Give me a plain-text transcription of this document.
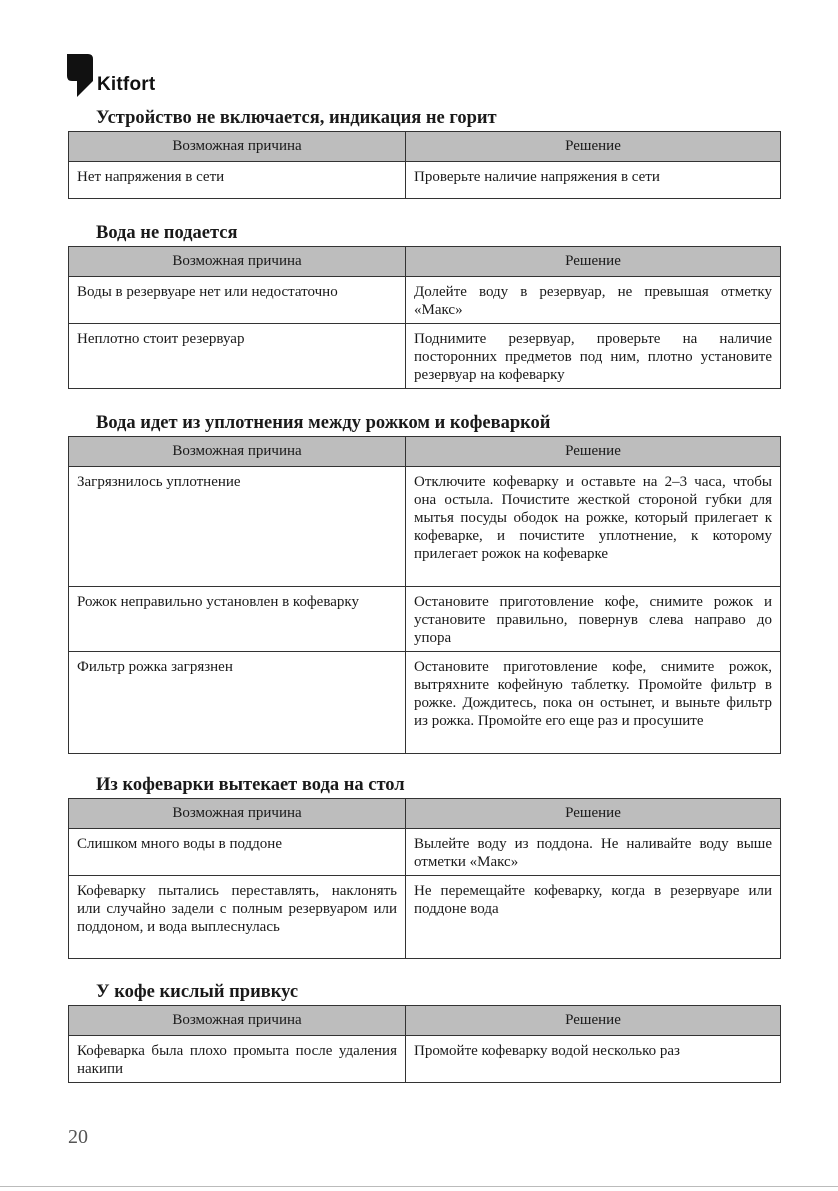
Kitfort
Устройство не включается, индикация не горит
Возможная причина	Решение
Нет напряжения в сети	Проверьте наличие напряжения в сети
Вода не подается
Возможная причина	Решение
Воды в резервуаре нет или недостаточно	Долейте воду в резервуар, не превышая отметку «Макс»
Неплотно стоит резервуар	Поднимите резервуар, проверьте на наличие посторонних предметов под ним, плотно установите резервуар на кофеварку
Вода идет из уплотнения между рожком и кофеваркой
Возможная причина	Решение
Загрязнилось уплотнение	Отключите кофеварку и оставьте на 2–3 часа, чтобы она остыла. Почистите жесткой стороной губки для мытья посуды ободок на рожке, который прилегает к кофеварке, и почистите уплотнение, к которому прилегает рожок на кофеварке
Рожок неправильно установлен в кофеварку	Остановите приготовление кофе, снимите рожок и установите правильно, повернув слева направо до упора
Фильтр рожка загрязнен	Остановите приготовление кофе, снимите рожок, вытряхните кофейную таблетку. Промойте фильтр в рожке. Дождитесь, пока он остынет, и выньте фильтр из рожка. Промойте его еще раз и просушите
Из кофеварки вытекает вода на стол
Возможная причина	Решение
Слишком много воды в поддоне	Вылейте воду из поддона. Не наливайте воду выше отметки «Макс»
Кофеварку пытались переставлять, наклонять или случайно задели с полным резервуаром или поддоном, и вода выплеснулась	Не перемещайте кофеварку, когда в резервуаре или поддоне вода
У кофе кислый привкус
Возможная причина	Решение
Кофеварка была плохо промыта после удаления накипи	Промойте кофеварку водой несколько раз
20
